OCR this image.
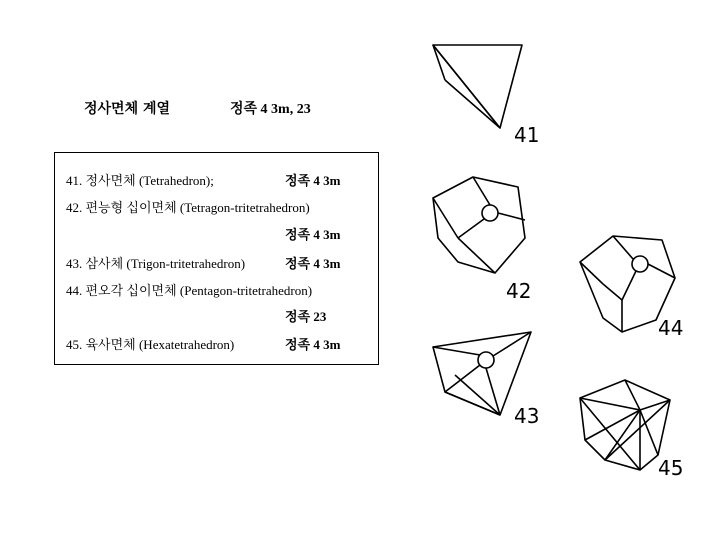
정사면체 계열	정족 4 3m, 23
41. 정사면체 (Tetrahedron);	정족 4 3m
42. 편능형 십이면체 (Tetragon-tritetrahedron)
정족 4 3m
43. 삼사체 (Trigon-tritetrahedron)	정족 4 3m
44. 편오각 십이면체 (Pentagon-tritetrahedron)
정족 23
45. 육사면체 (Hexatetrahedron)	정족 4 3m
41
42
44
43
45
